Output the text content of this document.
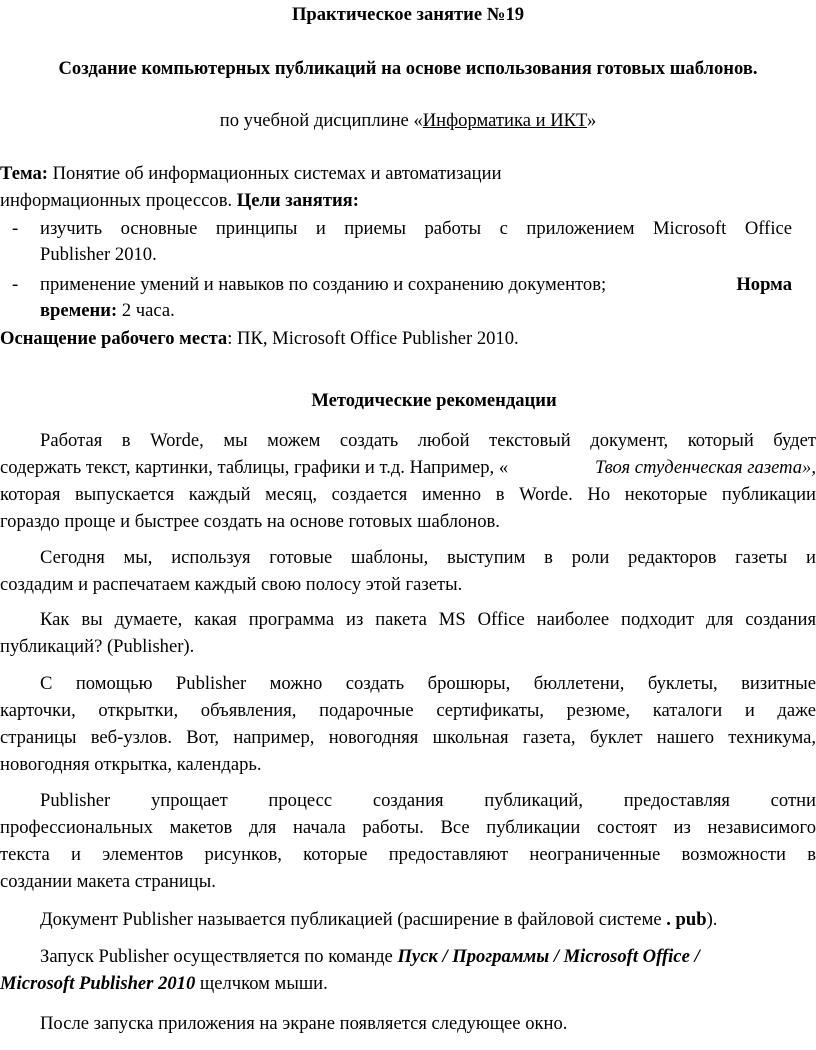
Практическое занятие №19
Создание компьютерных публикаций на основе использования готовых шаблонов.
по учебной дисциплине «Информатика и ИКТ»
Тема: Понятие об информационных системах и автоматизации
информационных процессов. Цели занятия:
- изучить основные принципы и приемы работы с приложением Microsoft Office
Publisher 2010.
- применение умений и навыков по созданию и сохранению документов;	Норма
времени: 2 часа.
Оснащение рабочего места: ПК, Microsoft Office Publisher 2010.
Методические рекомендации
Работая в Worde, мы можем создать любой текстовый документ, который будет
содержать текст, картинки, таблицы, графики и т.д. Например, «	Твоя студенческая газета»,
которая выпускается каждый месяц, создается именно в Worde. Но некоторые публикации
гораздо проще и быстрее создать на основе готовых шаблонов.
Сегодня мы, используя готовые шаблоны, выступим в роли редакторов газеты и
создадим и распечатаем каждый свою полосу этой газеты.
Как вы думаете, какая программа из пакета MS Office наиболее подходит для создания
публикаций? (Publisher).
С помощью Publisher можно создать брошюры, бюллетени, буклеты, визитные
карточки, открытки, объявления, подарочные сертификаты, резюме, каталоги и даже
страницы веб-узлов. Вот, например, новогодняя школьная газета, буклет нашего техникума,
новогодняя открытка, календарь.
Publisher упрощает процесс создания публикаций, предоставляя сотни
профессиональных макетов для начала работы. Все публикации состоят из независимого
текста и элементов рисунков, которые предоставляют неограниченные возможности в
создании макета страницы.
Документ Publisher называется публикацией (расширение в файловой системе . pub).
Запуск Publisher осуществляется по команде Пуск / Программы / Microsoft Office /
Microsoft Publisher 2010 щелчком мыши.
После запуска приложения на экране появляется следующее окно.
